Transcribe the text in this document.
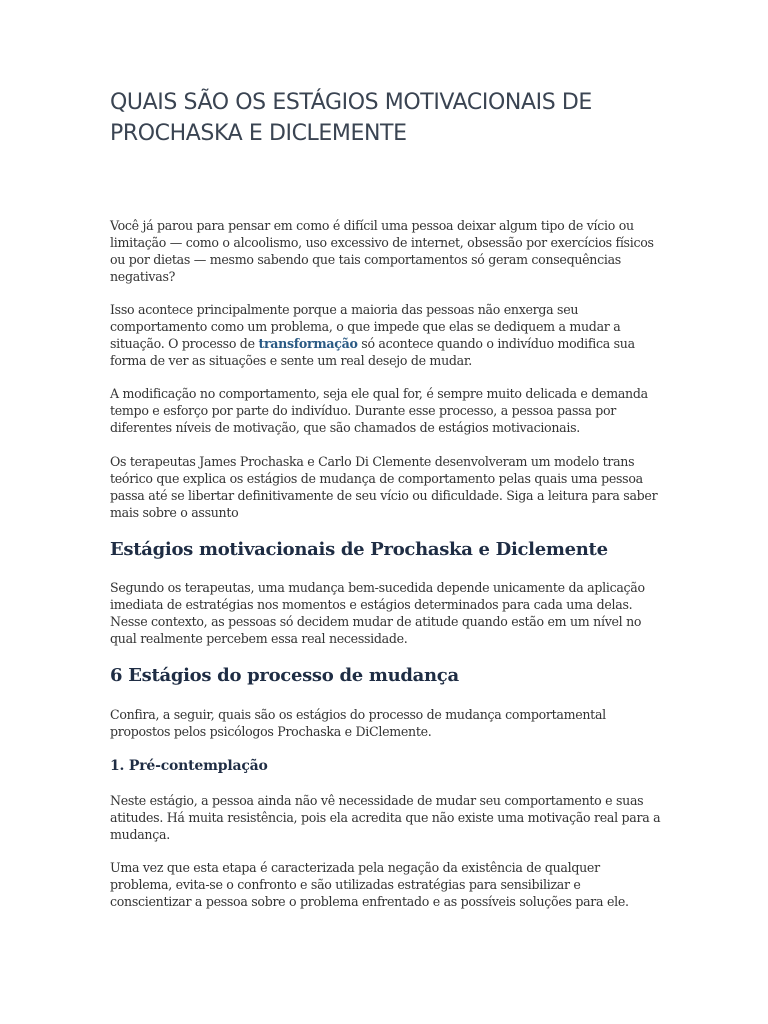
QUAIS SÃO OS ESTÁGIOS MOTIVACIONAIS DE PROCHASKA E DICLEMENTE

Você já parou para pensar em como é difícil uma pessoa deixar algum tipo de vício ou limitação — como o alcoolismo, uso excessivo de internet, obsessão por exercícios físicos ou por dietas — mesmo sabendo que tais comportamentos só geram consequências negativas?

Isso acontece principalmente porque a maioria das pessoas não enxerga seu comportamento como um problema, o que impede que elas se dediquem a mudar a situação. O processo de transformação só acontece quando o indivíduo modifica sua forma de ver as situações e sente um real desejo de mudar.

A modificação no comportamento, seja ele qual for, é sempre muito delicada e demanda tempo e esforço por parte do indivíduo. Durante esse processo, a pessoa passa por diferentes níveis de motivação, que são chamados de estágios motivacionais.

Os terapeutas James Prochaska e Carlo Di Clemente desenvolveram um modelo trans teórico que explica os estágios de mudança de comportamento pelas quais uma pessoa passa até se libertar definitivamente de seu vício ou dificuldade. Siga a leitura para saber mais sobre o assunto

Estágios motivacionais de Prochaska e Diclemente

Segundo os terapeutas, uma mudança bem-sucedida depende unicamente da aplicação imediata de estratégias nos momentos e estágios determinados para cada uma delas. Nesse contexto, as pessoas só decidem mudar de atitude quando estão em um nível no qual realmente percebem essa real necessidade.

6 Estágios do processo de mudança

Confira, a seguir, quais são os estágios do processo de mudança comportamental propostos pelos psicólogos Prochaska e DiClemente.

1. Pré-contemplação

Neste estágio, a pessoa ainda não vê necessidade de mudar seu comportamento e suas atitudes. Há muita resistência, pois ela acredita que não existe uma motivação real para a mudança.

Uma vez que esta etapa é caracterizada pela negação da existência de qualquer problema, evita-se o confronto e são utilizadas estratégias para sensibilizar e conscientizar a pessoa sobre o problema enfrentado e as possíveis soluções para ele.
